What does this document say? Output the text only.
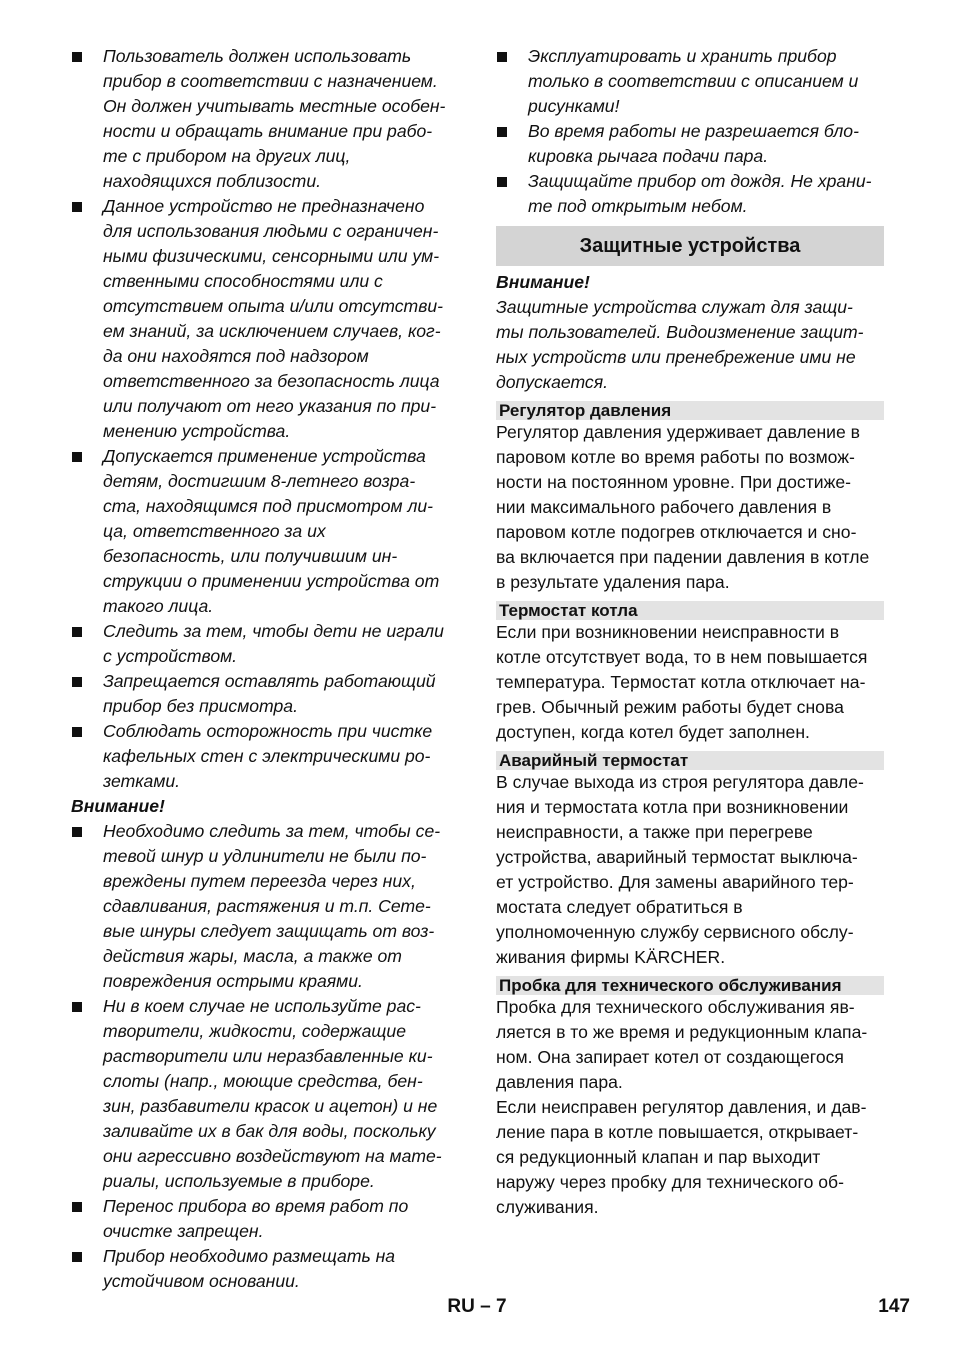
Пользователь должен использовать
прибор в соответствии с назначением.
Он должен учитывать местные особен-
ности и обращать внимание при рабо-
те с прибором на других лиц,
находящихся поблизости.
Данное устройство не предназначено
для использования людьми с ограничен-
ными физическими, сенсорными или ум-
ственными способностями или с
отсутствием опыта и/или отсутстви-
ем знаний, за исключением случаев, ког-
да они находятся под надзором
ответственного за безопасность лица
или получают от него указания по при-
менению устройства.
Допускается применение устройства
детям, достигшим 8-летнего возра-
ста, находящимся под присмотром ли-
ца, ответственного за их
безопасность, или получившим ин-
струкции о применении устройства от
такого лица.
Следить за тем, чтобы дети не играли
с устройством.
Запрещается оставлять работающий
прибор без присмотра.
Соблюдать осторожность при чистке
кафельных стен с электрическими ро-
зетками.
Внимание!
Необходимо следить за тем, чтобы се-
тевой шнур и удлинители не были по-
вреждены путем переезда через них,
сдавливания, растяжения и т.п. Сете-
вые шнуры следует защищать от воз-
действия жары, масла, а также от
повреждения острыми краями.
Ни в коем случае не используйте рас-
творители, жидкости, содержащие
растворители или неразбавленные ки-
слоты (напр., моющие средства, бен-
зин, разбавители красок и ацетон) и не
заливайте их в бак для воды, поскольку
они агрессивно воздействуют на мате-
риалы, используемые в приборе.
Перенос прибора во время работ по
очистке запрещен.
Прибор необходимо размещать на
устойчивом основании.
Эксплуатировать и хранить прибор
только в соответствии с описанием и
рисунками!
Во время работы не разрешается бло-
кировка рычага подачи пара.
Защищайте прибор от дождя. Не храни-
те под открытым небом.
Защитные устройства
Внимание!
Защитные устройства служат для защи-
ты пользователей. Видоизменение защит-
ных устройств или пренебрежение ими не
допускается.
Регулятор давления
Регулятор давления удерживает давление в
паровом котле во время работы по возмож-
ности на постоянном уровне. При достиже-
нии максимального рабочего давления в
паровом котле подогрев отключается и сно-
ва включается при падении давления в котле
в результате удаления пара.
Термостат котла
Если при возникновении неисправности в
котле отсутствует вода, то в нем повышается
температура. Термостат котла отключает на-
грев. Обычный режим работы будет снова
доступен, когда котел будет заполнен.
Аварийный термостат
В случае выхода из строя регулятора давле-
ния и термостата котла при возникновении
неисправности, а также при перегреве
устройства, аварийный термостат выключа-
ет устройство. Для замены аварийного тер-
мостата следует обратиться в
уполномоченную службу сервисного обслу-
живания фирмы KÄRCHER.
Пробка для технического обслуживания
Пробка для технического обслуживания яв-
ляется в то же время и редукционным клапа-
ном. Она запирает котел от создающегося
давления пара.
Если неисправен регулятор давления, и дав-
ление пара в котле повышается, открывает-
ся редукционный клапан и пар выходит
наружу через пробку для технического об-
служивания.
RU – 7	147
